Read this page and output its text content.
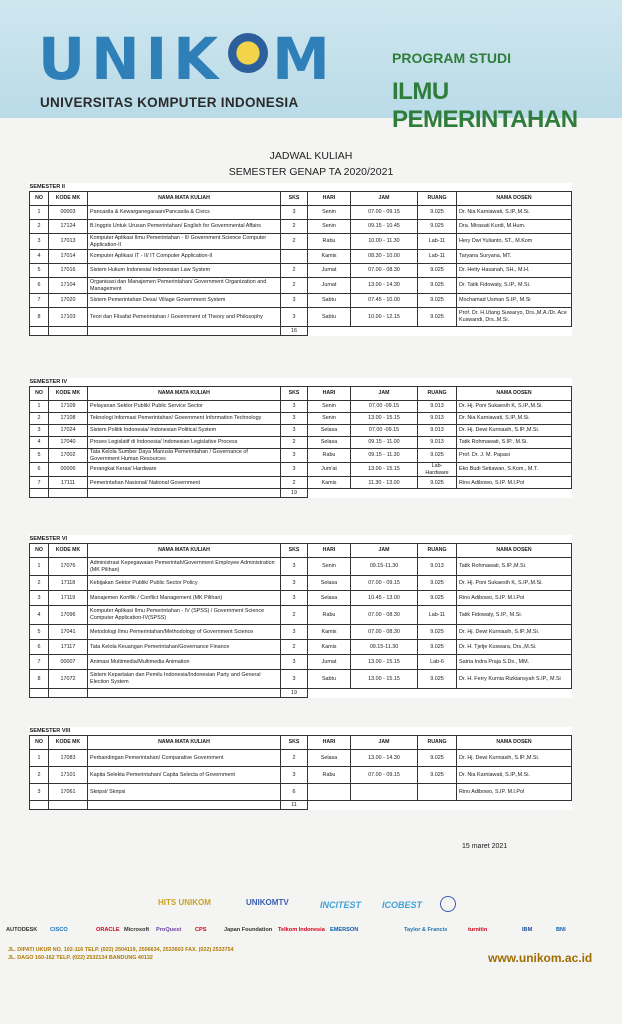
UNIK M
UNIVERSITAS KOMPUTER INDONESIA
PROGRAM STUDI
ILMU PEMERINTAHAN
JADWAL KULIAH
SEMESTER GENAP TA 2020/2021
SEMESTER II							
NO	KODE MK	NAMA MATA KULIAH	SKS	HARI	JAM	RUANG	NAMA DOSEN
1	00003	Pancasila & Kewarganegaraan/Pancasila & Civics	3	Senin	07.00 - 09.15	9.025	Dr. Nia Karniawati, S.IP.,M.Si.
2	17124	B.Inggris Untuk Urusan Pemerintahan/ English for Governmental Affairs	2	Senin	09.15 - 10.45	9.025	Dra. Mirasati Kurdi, M.Hum.
3	17013	Komputer Aplikasi Ilmu Pemerintahan - II/ Government Science Computer Application-II	2	Rabu	10.00 - 11.30	Lab-11	Hery Dwi Yulianto, ST., M.Kom
4	17014	Komputer Aplikasi IT - II/ IT Computer Application-II		Kamis	08.30 - 10.00	Lab-11	Taryana Suryana, MT.
5	17016	Sistem Hukum Indonesia/ Indonesian Law System	2	Jumat	07.00 - 08.30	9.025	Dr. Hetty Hasanah, SH., M.H.
6	17104	Organisasi dan Manajemen Pemerintahan/ Government Organization and Management	2	Jumat	13.00 - 14.30	9.025	Dr. Tatik Fidowaty, S.IP., M.Si.
7	17020	Sistem Pemerintahan Desa/ Village Government System	3	Sabtu	07.45 - 10.00	9.025	Mochamad Usman S.IP., M.Si
8	17103	Teori dan Filsafat Pemerintahan / Government of Theory and Philosophy	3	Sabtu	10.00 - 12.15	9.025	Prof. Dr. H.Utang Suwaryo, Drs.,M.A./Dr. Ace Kuswandi, Drs.,M.Si.
			16				
SEMESTER IV							
NO	KODE MK	NAMA MATA KULIAH	SKS	HARI	JAM	RUANG	NAMA DOSEN
1	17109	Pelayanan Sektor Publik/ Public Service Sector	3	Senin	07.00 -09.15	9.013	Dr. Hj. Poni Sukaesih K, S.IP.,M.Si.
2	17108	Teknologi Informasi Pemerintahan/ Government Information Technology	3	Senin	13.00 - 15.15	9.013	Dr. Nia Karniawati, S.IP.,M.Si.
3	17024	Sistem Politik Indonesia/ Indonesian Political System	3	Selasa	07.00 -09.15	9.013	Dr. Hj. Dewi Kurniasih, S.IP.,M.Si.
4	17040	Proses Legislatif di Indonesia/ Indonesian Legislative Process	2	Selasa	09.15 - 11.00	9.013	Tatik Rohmawati, S.IP., M.Si.
5	17002	Tata Kelola Sumber Daya Manusia Pemerintahan / Governance of Government Human Resources	3	Rabu	09.15 - 11.30	9.025	Prof. Dr. J. M. Papasi
6	00006	Perangkat Keras/ Hardware	3	Jum'at	13.00 - 15.15	Lab-Hardware	Eko Budi Setiawan, S.Kom., M.T.
7	17111	Pemerintahan Nasional/ National Government	2	Kamis	11.30 - 13.00	9.025	Rino Adibowo, S.IP. M.I.Pol
			19				
SEMESTER VI							
NO	KODE MK	NAMA MATA KULIAH	SKS	HARI	JAM	RUANG	NAMA DOSEN
1	17076	Administrasi Kepegawaian Pemerintah/Government Employee Administration (MK Pilihan)	3	Senin	09.15-11.30	9.013	Tatik Rohmawati, S.IP.,M.Si.
2	17118	Kebijakan Sektor Publik/ Public Sector Policy	3	Selasa	07.00 - 09.15	9.025	Dr. Hj. Poni Sukaesih K, S.IP.,M.Si.
3	17119	Manajemen Konflik / Conflict Management (MK Pilihan)	3	Selasa	10.45 - 13.00	9.025	Rino Adibowo, S.IP. M.I.Pol
4	17096	Komputer Aplikasi Ilmu Pemerintahan - IV (SPSS) / Government Science Computer Application-IV(SPSS)	2	Rabu	07.00 - 08.30	Lab-11	Tatik Fidowaty, S.IP., M.Si.
5	17041	Metodologi Ilmu Pemerintahan/Methodology of Government Science	3	Kamis	07.00 - 08.30	9.025	Dr. Hj. Dewi Kurniasih, S.IP.,M.Si.
6	17117	Tata Kelola Keuangan Pemerintahan/Governance Finance	2	Kamis	09.15-11.30	9.025	Dr. H. Tjetje Kuswara, Drs.,M.Si.
7	00007	Animasi Multimedia/Multimedia Animation	3	Jumat	13.00 - 15.15	Lab-6	Satria Indra Praja S.Ds., MM.
8	17072	Sistem Kepartaian dan Pemilu Indonesia/Indonesian Party and General Election System	3	Sabtu	13.00 - 15.15	9.025	Dr. H. Ferry Kurnia Rizkiansyah S.IP., M.Si
			19				
SEMESTER VIII							
NO	KODE MK	NAMA MATA KULIAH	SKS	HARI	JAM	RUANG	NAMA DOSEN
1	17083	Perbandingan Pemerintahan/ Comparative Government	2	Selasa	13.00 - 14.30	9.025	Dr. Hj. Dewi Kurniasih, S.IP.,M.Si.
2	17101	Kapita Selekta Pemerintahan/ Capita Selecta of Government	3	Rabu	07.00 - 09.15	9.025	Dr. Nia Karniawati, S.IP.,M.Si.
3	17061	Skripsi/ Skripsi	6				Rino Adibowo, S.IP. M.I.Pol
			11				
15 maret 2021
HITS UNIKOM	UNIKOMTV	INCITEST ICOBEST
AUTODESK CISCO	ORACLE Microsoft ProQuest CPS	Japan Foundation Telkom Indonesia EMERSON	Taylor & Francis	turnitin	IBM	BNI
JL. DIPATI UKUR NO. 102-116 TELP. (022) 2504119, 2506634, 2533603 FAX. (022) 2533754
JL. DAGO 160-162 TELP. (022) 2532134 BANDUNG 40132	www.unikom.ac.id
